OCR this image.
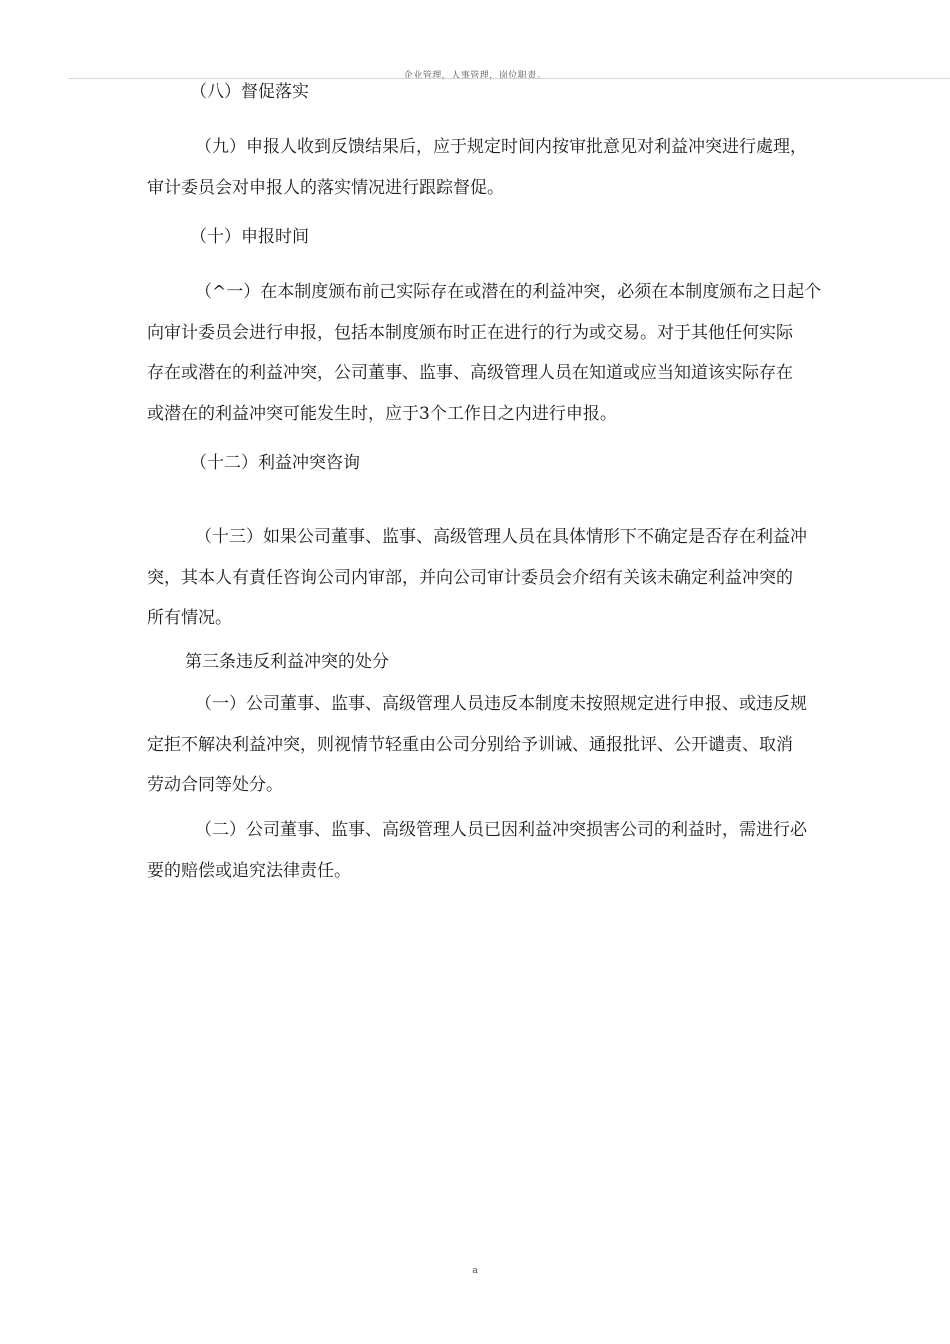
企业管理，人事管理，岗位职责。
（八）督促落实
（九）申报人收到反馈结果后，应于规定时间内按审批意见对利益冲突进行處理，
审计委员会对申报人的落实情况进行跟踪督促。
（十）申报时间
（^一）在本制度颁布前己实际存在或潜在的利益冲突，必须在本制度颁布之日起个
向审计委员会进行申报，包括本制度颁布时正在进行的行为或交易。对于其他任何实际
存在或潜在的利益冲突，公司董事、监事、高级管理人员在知道或应当知道该实际存在
或潜在的利益冲突可能发生时，应于3个工作日之内进行申报。
（十二）利益冲突咨询
（十三）如果公司董事、监事、高级管理人员在具体情形下不确定是否存在利益冲
突，其本人有責任咨询公司内审部，并向公司审计委员会介绍有关该未确定利益冲突的
所有情况。
第三条违反利益冲突的处分
（一）公司董事、监事、高级管理人员违反本制度未按照规定进行申报、或违反规
定拒不解决利益冲突，则视情节轻重由公司分别给予训诫、通报批评、公开谴责、取消
劳动合同等处分。
（二）公司董事、监事、高级管理人员已因利益冲突损害公司的利益时，需进行必
要的赔偿或追究法律责任。
a
